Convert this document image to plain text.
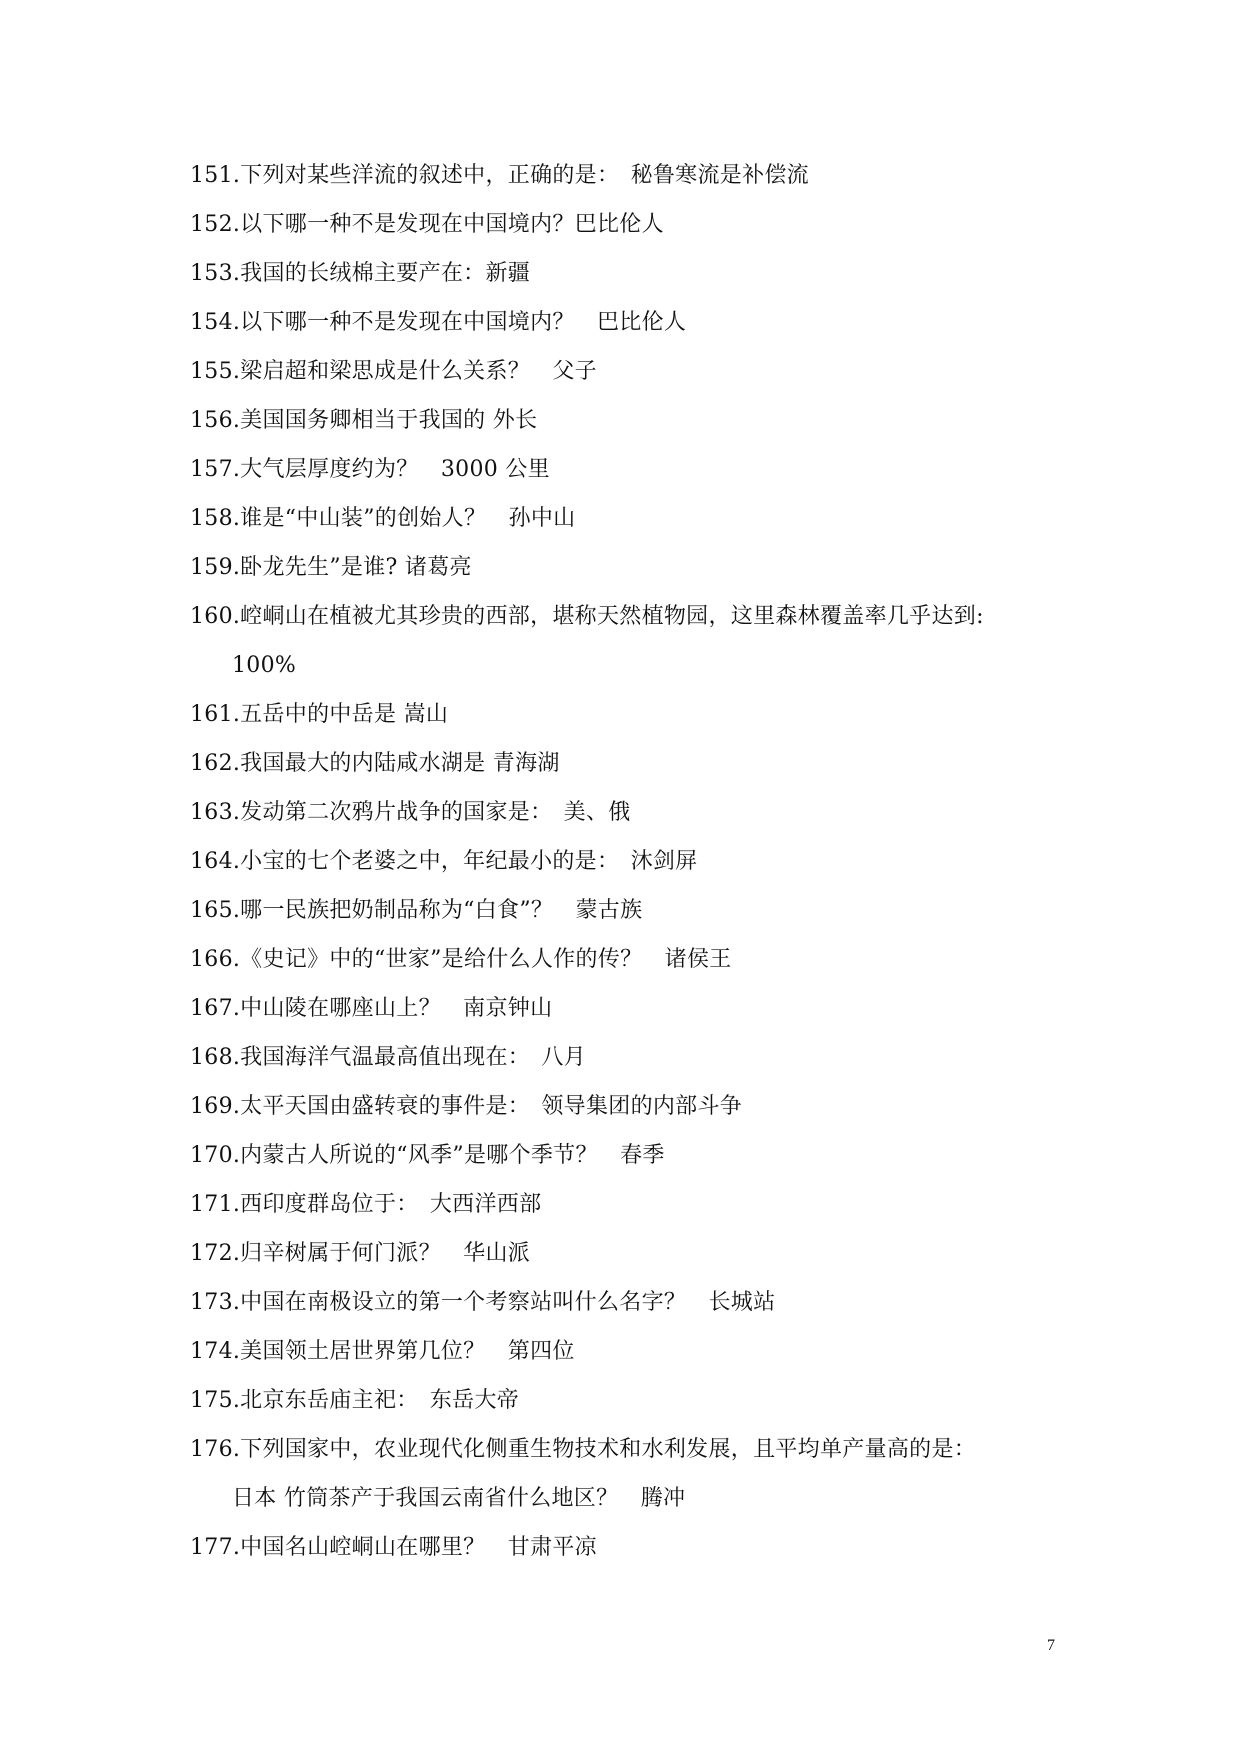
151.下列对某些洋流的叙述中，正确的是：　秘鲁寒流是补偿流
152.以下哪一种不是发现在中国境内？巴比伦人
153.我国的长绒棉主要产在：新疆
154.以下哪一种不是发现在中国境内？　巴比伦人
155.梁启超和梁思成是什么关系？　父子
156.美国国务卿相当于我国的 外长
157.大气层厚度约为？　3000 公里
158.谁是“中山装”的创始人？　孙中山
159.卧龙先生”是谁? 诸葛亮
160.崆峒山在植被尤其珍贵的西部，堪称天然植物园，这里森林覆盖率几乎达到:
100%
161.五岳中的中岳是 嵩山
162.我国最大的内陆咸水湖是 青海湖
163.发动第二次鸦片战争的国家是：　美、俄
164.小宝的七个老婆之中，年纪最小的是：　沐剑屏
165.哪一民族把奶制品称为“白食”？　蒙古族
166.《史记》中的“世家”是给什么人作的传？　诸侯王
167.中山陵在哪座山上？　南京钟山
168.我国海洋气温最高值出现在：　八月
169.太平天国由盛转衰的事件是：　领导集团的内部斗争
170.内蒙古人所说的“风季”是哪个季节？　春季
171.西印度群岛位于：　大西洋西部
172.归辛树属于何门派？　华山派
173.中国在南极设立的第一个考察站叫什么名字？　长城站
174.美国领土居世界第几位？　第四位
175.北京东岳庙主祀：　东岳大帝
176.下列国家中，农业现代化侧重生物技术和水利发展，且平均单产量高的是：
日本 竹筒茶产于我国云南省什么地区？　腾冲
177.中国名山崆峒山在哪里？　甘肃平凉
7
